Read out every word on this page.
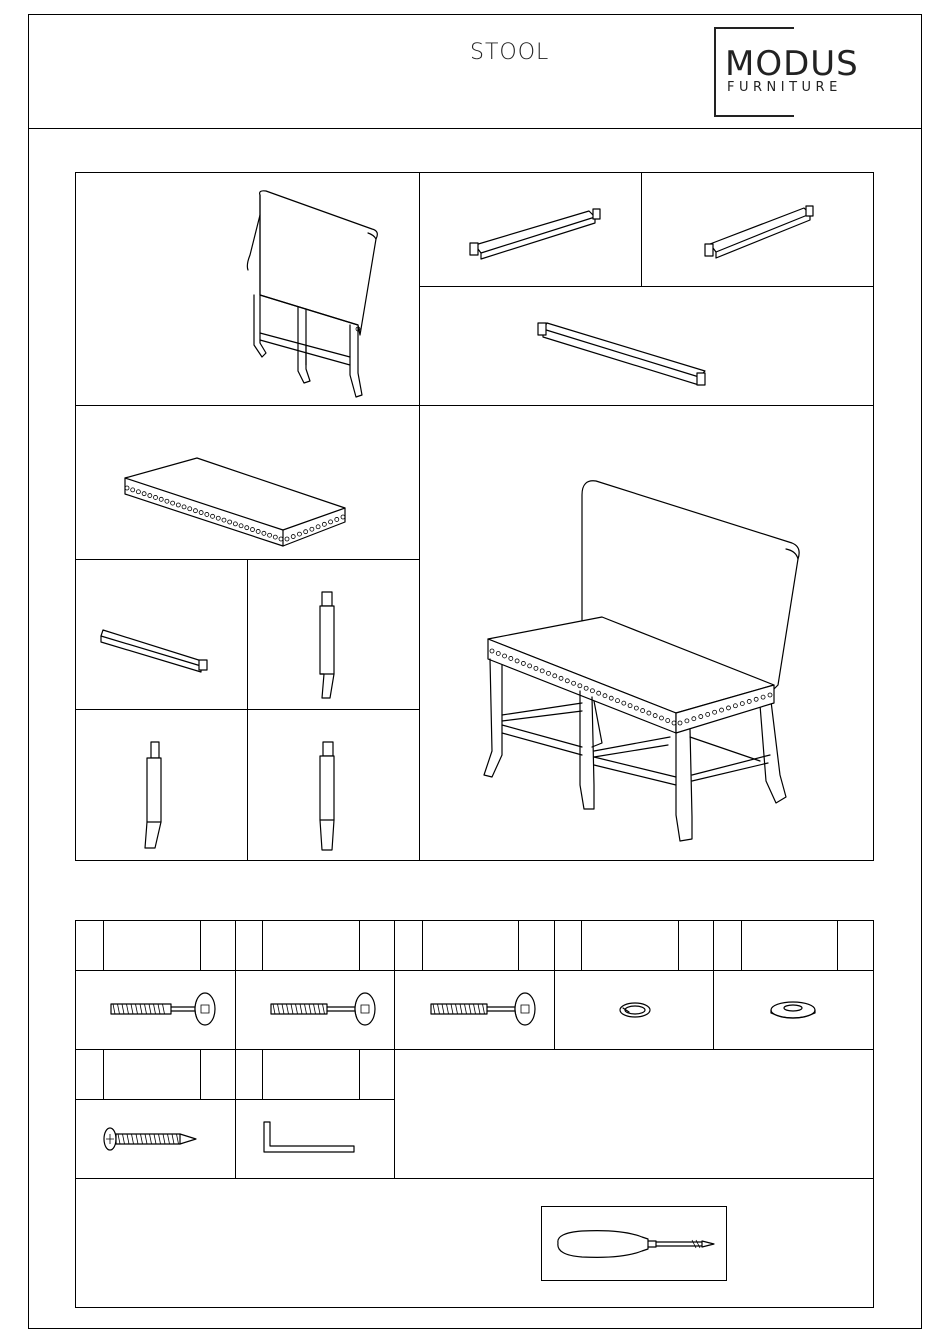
STOOL	MODUS
FURNITURE
